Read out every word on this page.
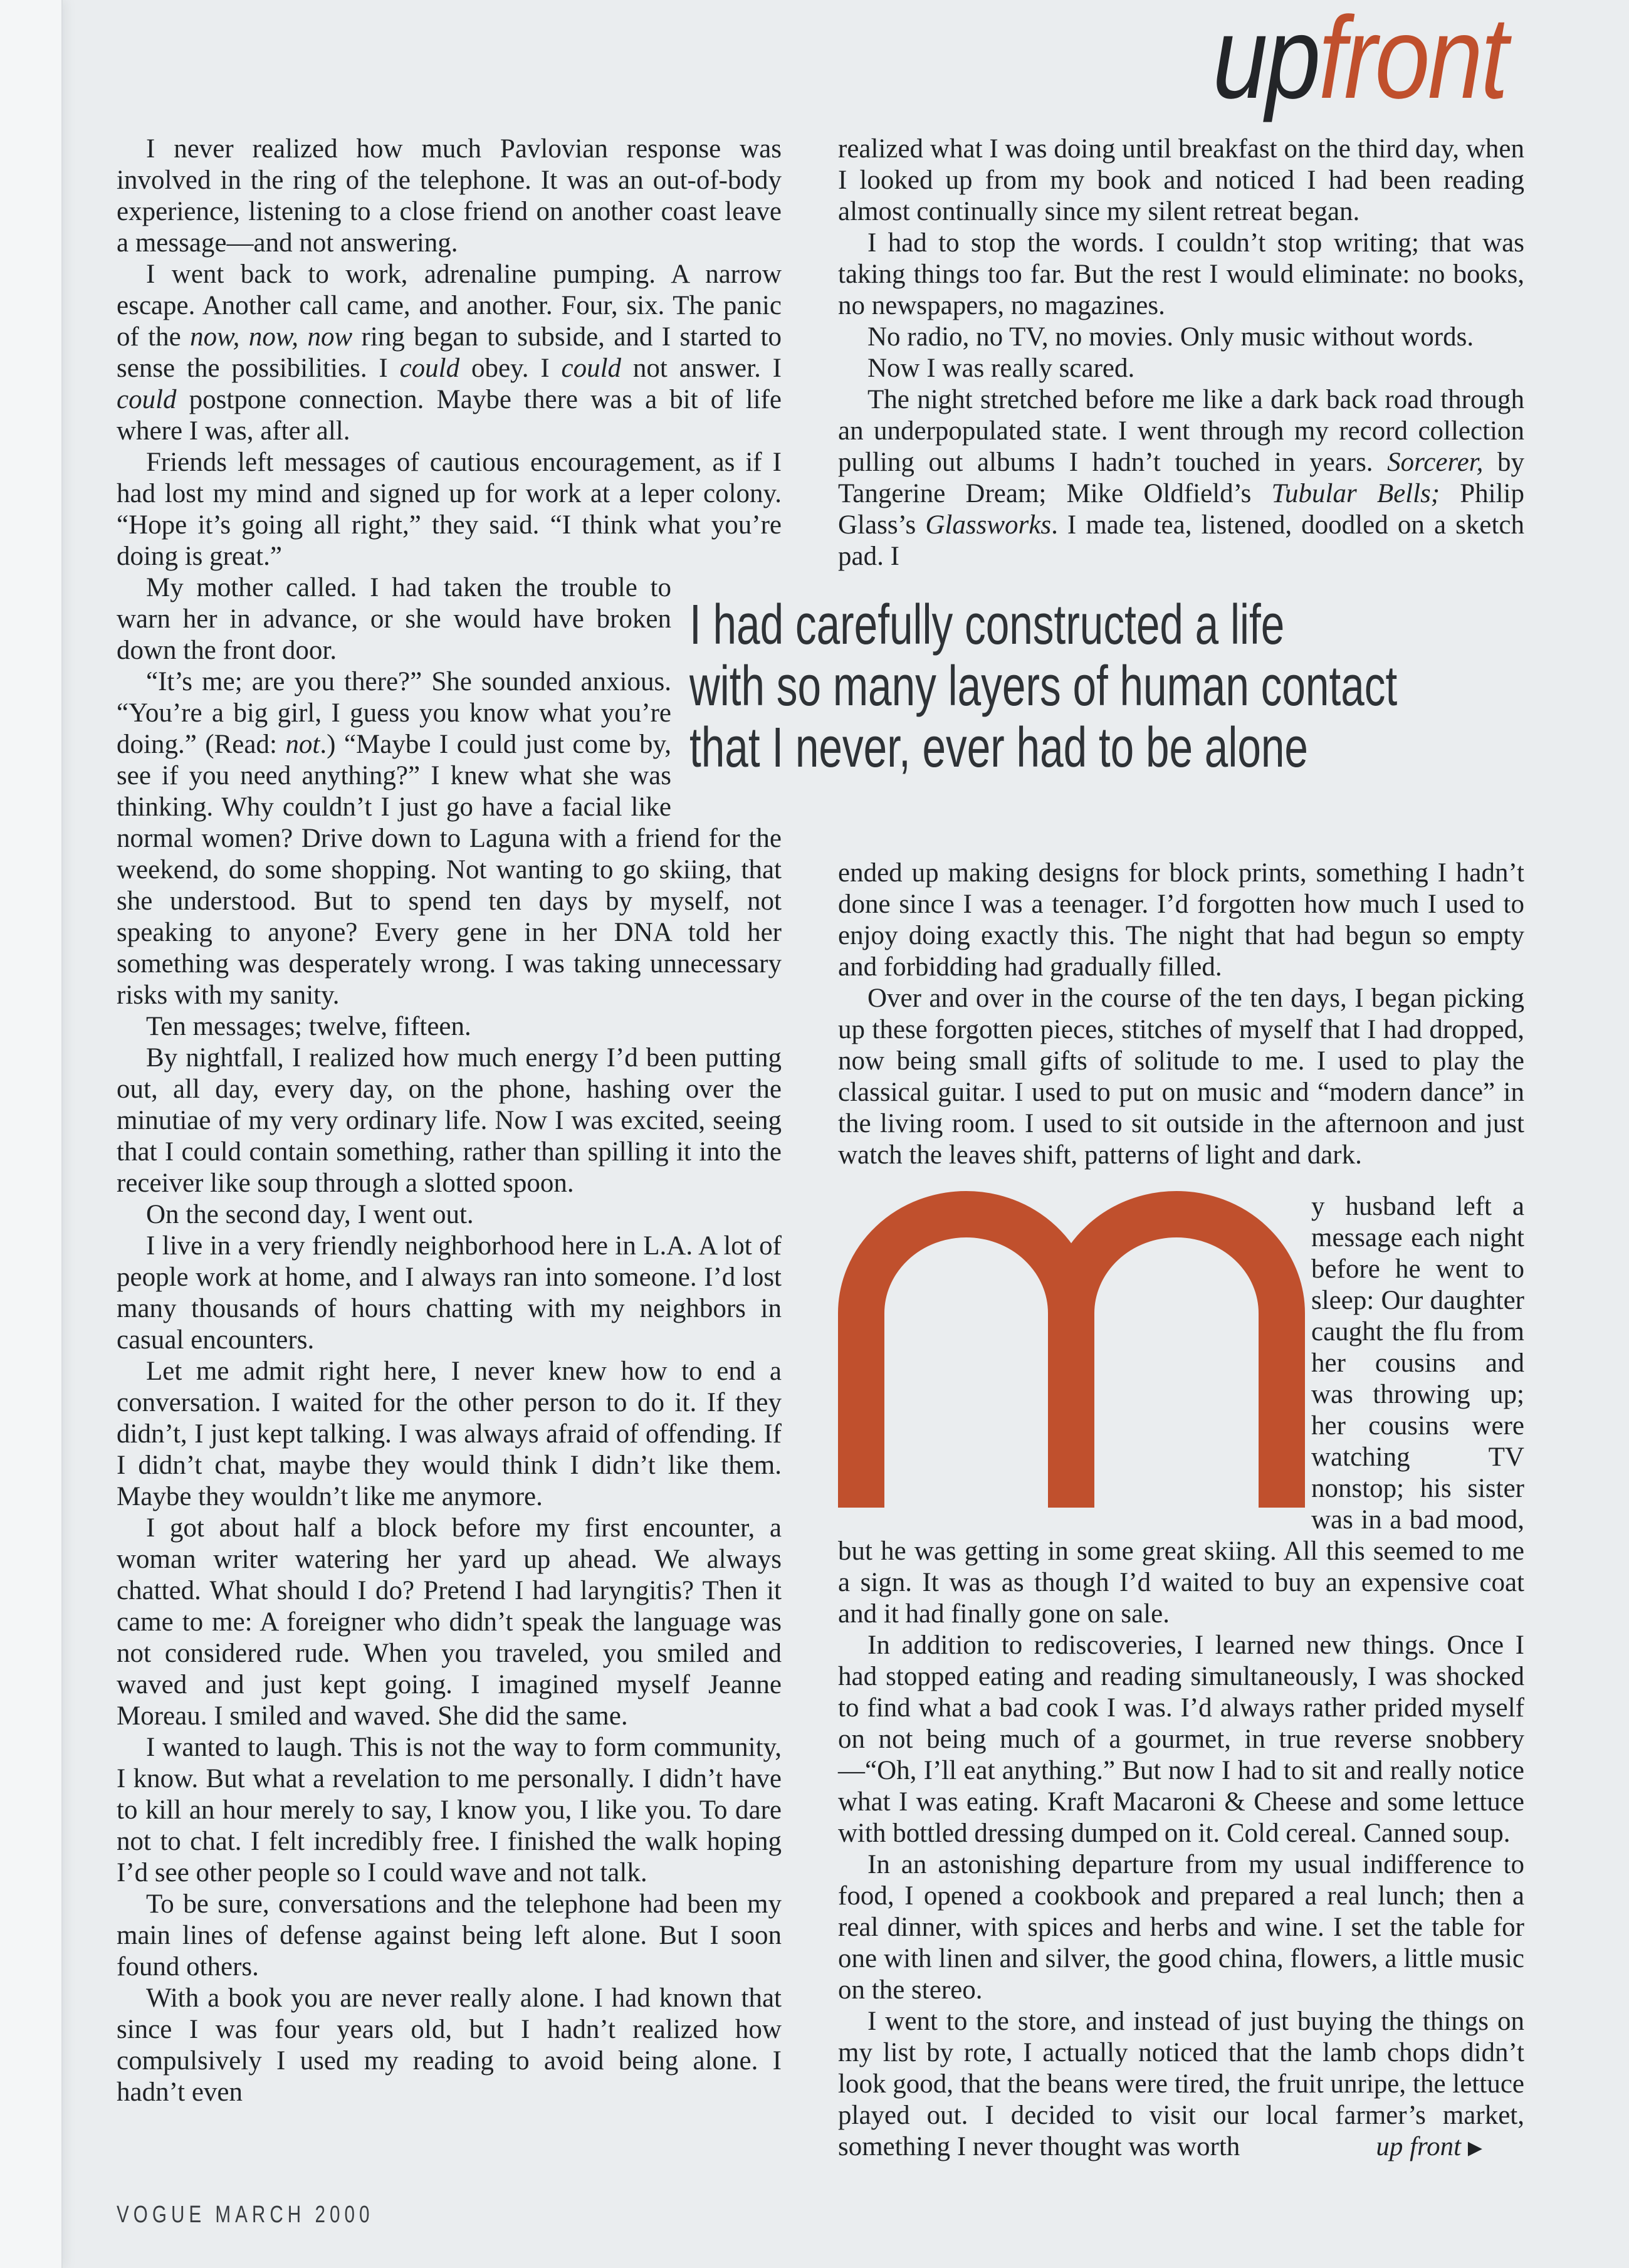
upfront

I never realized how much Pavlovian response was involved in the ring of the telephone. It was an out-of-body experience, listening to a close friend on another coast leave a message—and not answering.

I went back to work, adrenaline pumping. A narrow escape. Another call came, and another. Four, six. The panic of the now, now, now ring began to subside, and I started to sense the possibilities. I could obey. I could not answer. I could postpone connection. Maybe there was a bit of life where I was, after all.

Friends left messages of cautious encouragement, as if I had lost my mind and signed up for work at a leper colony. “Hope it’s going all right,” they said. “I think what you’re doing is great.”

My mother called. I had taken the trouble to warn her in advance, or she would have broken down the front door.

“It’s me; are you there?” She sounded anxious. “You’re a big girl, I guess you know what you’re doing.” (Read: not.) “Maybe I could just come by, see if you need anything?” I knew what she was thinking. Why couldn’t I just go have a facial like normal women? Drive down to Laguna with a friend for the weekend, do some shopping. Not wanting to go skiing, that she understood. But to spend ten days by myself, not speaking to anyone? Every gene in her DNA told her something was desperately wrong. I was taking unnecessary risks with my sanity.

Ten messages; twelve, fifteen.

By nightfall, I realized how much energy I’d been putting out, all day, every day, on the phone, hashing over the minutiae of my very ordinary life. Now I was excited, seeing that I could contain something, rather than spilling it into the receiver like soup through a slotted spoon.

On the second day, I went out.

I live in a very friendly neighborhood here in L.A. A lot of people work at home, and I always ran into someone. I’d lost many thousands of hours chatting with my neighbors in casual encounters.

Let me admit right here, I never knew how to end a conversation. I waited for the other person to do it. If they didn’t, I just kept talking. I was always afraid of offending. If I didn’t chat, maybe they would think I didn’t like them. Maybe they wouldn’t like me anymore.

I got about half a block before my first encounter, a woman writer watering her yard up ahead. We always chatted. What should I do? Pretend I had laryngitis? Then it came to me: A foreigner who didn’t speak the language was not considered rude. When you traveled, you smiled and waved and just kept going. I imagined myself Jeanne Moreau. I smiled and waved. She did the same.

I wanted to laugh. This is not the way to form community, I know. But what a revelation to me personally. I didn’t have to kill an hour merely to say, I know you, I like you. To dare not to chat. I felt incredibly free. I finished the walk hoping I’d see other people so I could wave and not talk.

To be sure, conversations and the telephone had been my main lines of defense against being left alone. But I soon found others.

With a book you are never really alone. I had known that since I was four years old, but I hadn’t realized how compulsively I used my reading to avoid being alone. I hadn’t even

realized what I was doing until breakfast on the third day, when I looked up from my book and noticed I had been reading almost continually since my silent retreat began.

I had to stop the words. I couldn’t stop writing; that was taking things too far. But the rest I would eliminate: no books, no newspapers, no magazines.

No radio, no TV, no movies. Only music without words.

Now I was really scared.

The night stretched before me like a dark back road through an underpopulated state. I went through my record collection pulling out albums I hadn’t touched in years. Sorcerer, by Tangerine Dream; Mike Oldfield’s Tubular Bells; Philip Glass’s Glassworks. I made tea, listened, doodled on a sketch pad. I

ended up making designs for block prints, something I hadn’t done since I was a teenager. I’d forgotten how much I used to enjoy doing exactly this. The night that had begun so empty and forbidding had gradually filled.

Over and over in the course of the ten days, I began picking up these forgotten pieces, stitches of myself that I had dropped, now being small gifts of solitude to me. I used to play the classical guitar. I used to put on music and “modern dance” in the living room. I used to sit outside in the afternoon and just watch the leaves shift, patterns of light and dark.

y husband left a message each night before he went to sleep: Our daughter caught the flu from her cousins and was throwing up; her cousins were watching TV nonstop; his sister was in a bad mood, but he was getting in some great skiing. All this seemed to me a sign. It was as though I’d waited to buy an expensive coat and it had finally gone on sale.

In addition to rediscoveries, I learned new things. Once I had stopped eating and reading simultaneously, I was shocked to find what a bad cook I was. I’d always rather prided myself on not being much of a gourmet, in true reverse snobbery—“Oh, I’ll eat anything.” But now I had to sit and really notice what I was eating. Kraft Macaroni & Cheese and some lettuce with bottled dressing dumped on it. Cold cereal. Canned soup.

In an astonishing departure from my usual indifference to food, I opened a cookbook and prepared a real lunch; then a real dinner, with spices and herbs and wine. I set the table for one with linen and silver, the good china, flowers, a little music on the stereo.

I went to the store, and instead of just buying the things on my list by rote, I actually noticed that the lamb chops didn’t look good, that the beans were tired, the fruit unripe, the lettuce played out. I decided to visit our local farmer’s market, something I never thought was worth	up front ▶

I had carefully constructed a life
with so many layers of human contact
that I never, ever had to be alone
VOGUE MARCH 2000
